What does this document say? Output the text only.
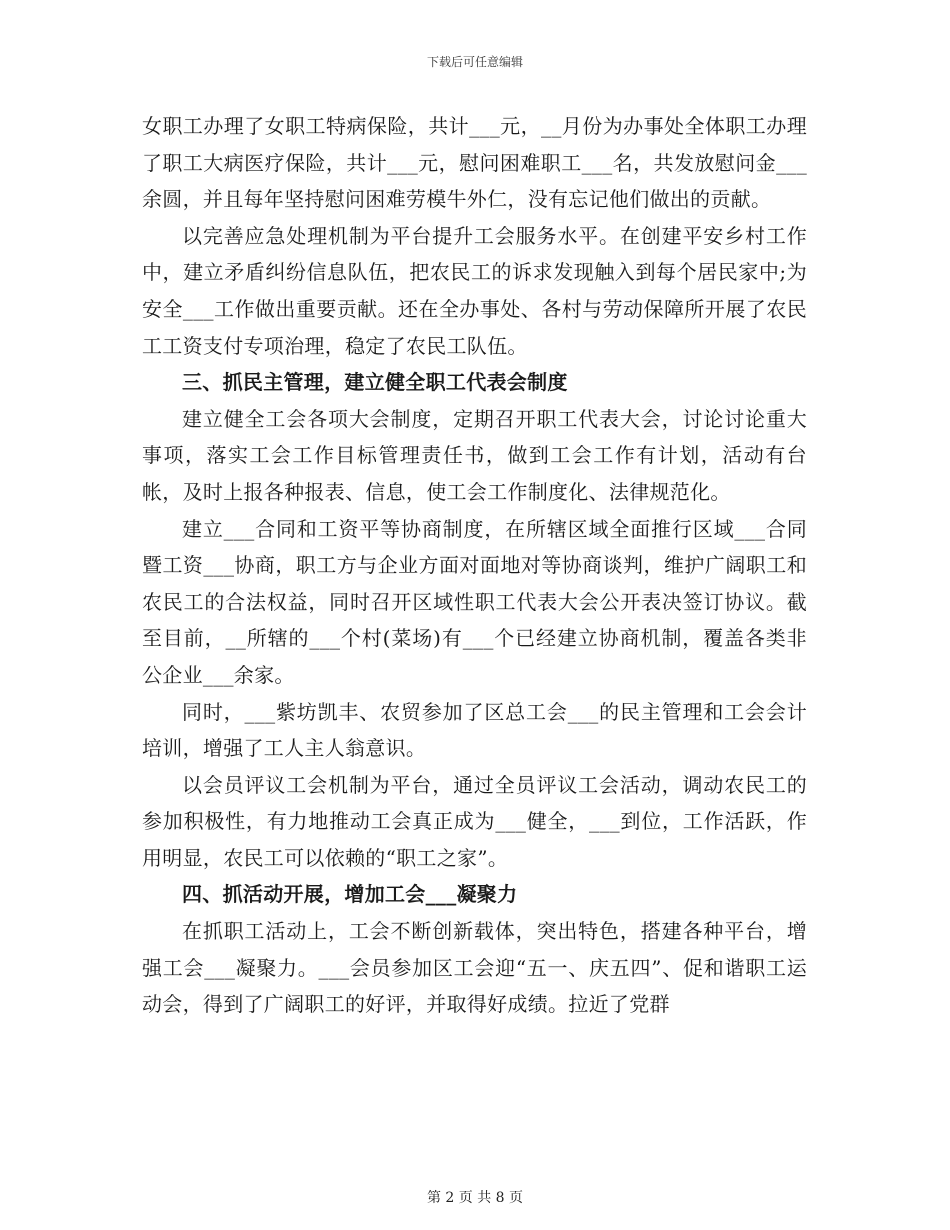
下载后可任意编辑

女职工办理了女职工特病保险，共计___元，__月份为办事处全体职工办理了职工大病医疗保险，共计___元，慰问困难职工___名，共发放慰问金___余圆，并且每年坚持慰问困难劳模牛外仁，没有忘记他们做出的贡献。

以完善应急处理机制为平台提升工会服务水平。在创建平安乡村工作中，建立矛盾纠纷信息队伍，把农民工的诉求发现触入到每个居民家中;为安全___工作做出重要贡献。还在全办事处、各村与劳动保障所开展了农民工工资支付专项治理，稳定了农民工队伍。

三、抓民主管理，建立健全职工代表会制度

建立健全工会各项大会制度，定期召开职工代表大会，讨论讨论重大事项，落实工会工作目标管理责任书，做到工会工作有计划，活动有台帐，及时上报各种报表、信息，使工会工作制度化、法律规范化。

建立___合同和工资平等协商制度，在所辖区域全面推行区域___合同暨工资___协商，职工方与企业方面对面地对等协商谈判，维护广阔职工和农民工的合法权益，同时召开区域性职工代表大会公开表决签订协议。截至目前，__所辖的___个村(菜场)有___个已经建立协商机制，覆盖各类非公企业___余家。

同时，___紫坊凯丰、农贸参加了区总工会___的民主管理和工会会计培训，增强了工人主人翁意识。

以会员评议工会机制为平台，通过全员评议工会活动，调动农民工的参加积极性，有力地推动工会真正成为___健全，___到位，工作活跃，作用明显，农民工可以依赖的“职工之家”。

四、抓活动开展，增加工会___凝聚力

在抓职工活动上，工会不断创新载体，突出特色，搭建各种平台，增强工会___凝聚力。___会员参加区工会迎“五一、庆五四”、促和谐职工运动会，得到了广阔职工的好评，并取得好成绩。拉近了党群

第 2 页 共 8 页
